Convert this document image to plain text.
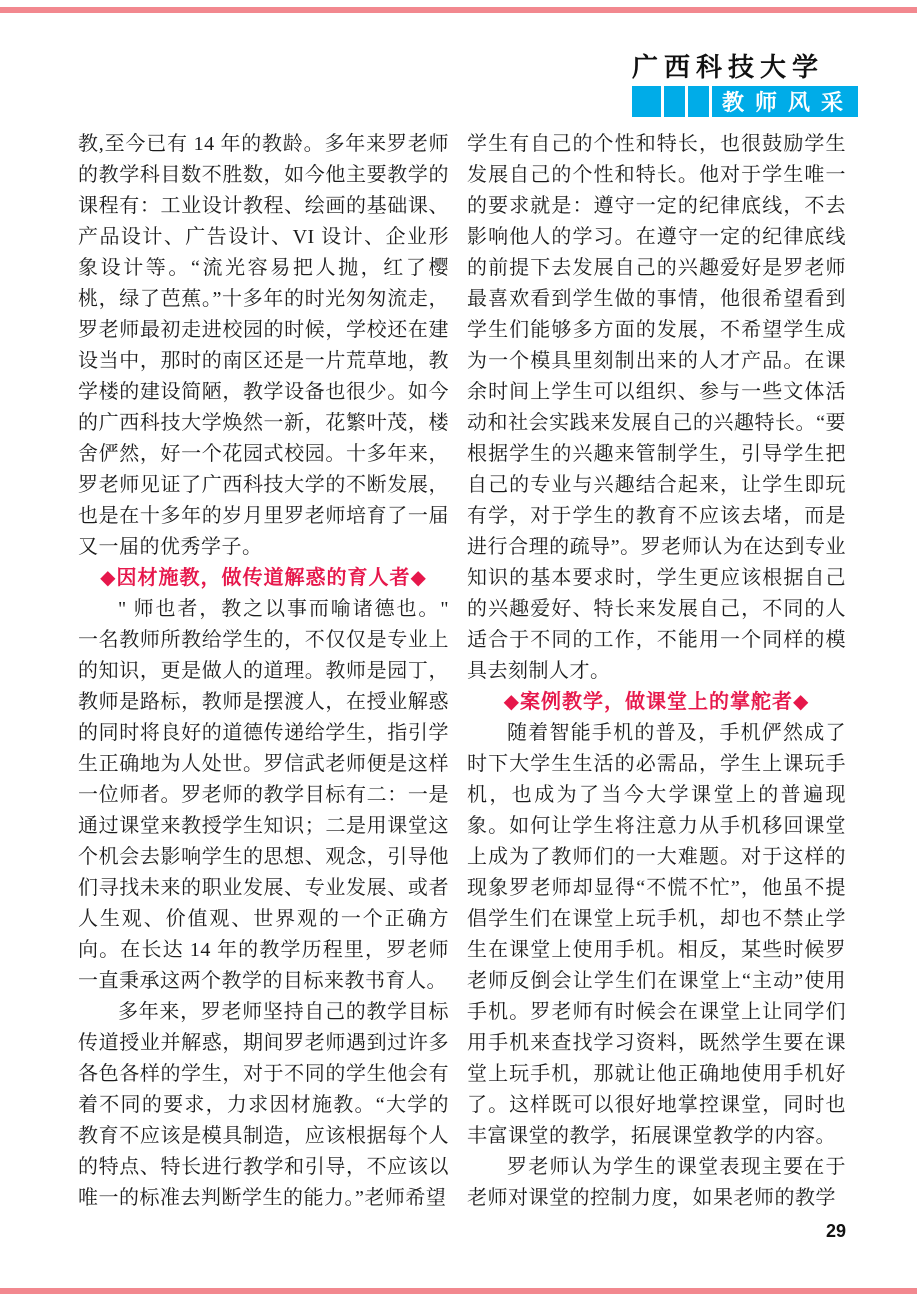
广西科技大学
教师风采

教,至今已有 14 年的教龄。多年来罗老师的教学科目数不胜数，如今他主要教学的课程有：工业设计教程、绘画的基础课、产品设计、广告设计、VI 设计、企业形象设计等。“流光容易把人抛，红了樱桃，绿了芭蕉。”十多年的时光匆匆流走，罗老师最初走进校园的时候，学校还在建设当中，那时的南区还是一片荒草地，教学楼的建设简陋，教学设备也很少。如今的广西科技大学焕然一新，花繁叶茂，楼舍俨然，好一个花园式校园。十多年来，罗老师见证了广西科技大学的不断发展，也是在十多年的岁月里罗老师培育了一届又一届的优秀学子。

◆因材施教，做传道解惑的育人者◆

" 师也者，教之以事而喻诸德也。" 一名教师所教给学生的，不仅仅是专业上的知识，更是做人的道理。教师是园丁，教师是路标，教师是摆渡人，在授业解惑的同时将良好的道德传递给学生，指引学生正确地为人处世。罗信武老师便是这样一位师者。罗老师的教学目标有二：一是通过课堂来教授学生知识；二是用课堂这个机会去影响学生的思想、观念，引导他们寻找未来的职业发展、专业发展、或者人生观、价值观、世界观的一个正确方向。在长达 14 年的教学历程里，罗老师一直秉承这两个教学的目标来教书育人。

多年来，罗老师坚持自己的教学目标传道授业并解惑，期间罗老师遇到过许多各色各样的学生，对于不同的学生他会有着不同的要求，力求因材施教。“大学的教育不应该是模具制造，应该根据每个人的特点、特长进行教学和引导，不应该以唯一的标准去判断学生的能力。”老师希望

学生有自己的个性和特长，也很鼓励学生发展自己的个性和特长。他对于学生唯一的要求就是：遵守一定的纪律底线，不去影响他人的学习。在遵守一定的纪律底线的前提下去发展自己的兴趣爱好是罗老师最喜欢看到学生做的事情，他很希望看到学生们能够多方面的发展，不希望学生成为一个模具里刻制出来的人才产品。在课余时间上学生可以组织、参与一些文体活动和社会实践来发展自己的兴趣特长。“要根据学生的兴趣来管制学生，引导学生把自己的专业与兴趣结合起来，让学生即玩有学，对于学生的教育不应该去堵，而是进行合理的疏导”。罗老师认为在达到专业知识的基本要求时，学生更应该根据自己的兴趣爱好、特长来发展自己，不同的人适合于不同的工作，不能用一个同样的模具去刻制人才。

◆案例教学，做课堂上的掌舵者◆

随着智能手机的普及，手机俨然成了时下大学生生活的必需品，学生上课玩手机，也成为了当今大学课堂上的普遍现象。如何让学生将注意力从手机移回课堂上成为了教师们的一大难题。对于这样的现象罗老师却显得“不慌不忙”，他虽不提倡学生们在课堂上玩手机，却也不禁止学生在课堂上使用手机。相反，某些时候罗老师反倒会让学生们在课堂上“主动”使用手机。罗老师有时候会在课堂上让同学们用手机来查找学习资料，既然学生要在课堂上玩手机，那就让他正确地使用手机好了。这样既可以很好地掌控课堂，同时也丰富课堂的教学，拓展课堂教学的内容。

罗老师认为学生的课堂表现主要在于老师对课堂的控制力度，如果老师的教学

29
